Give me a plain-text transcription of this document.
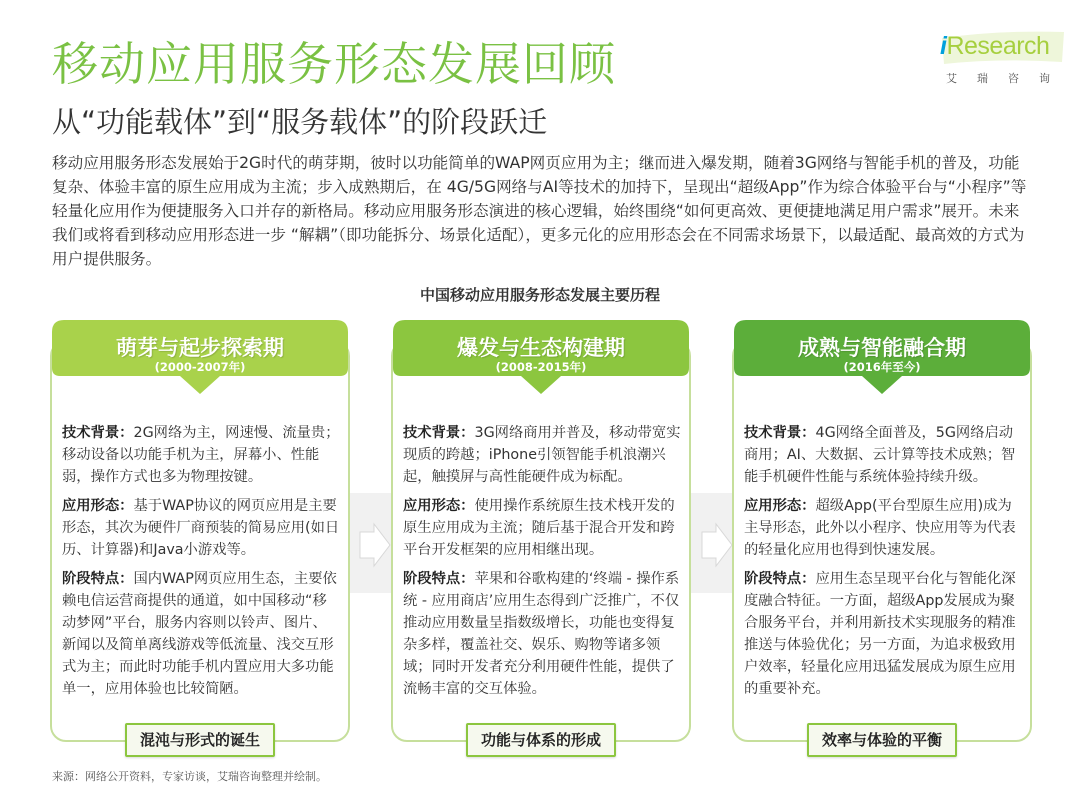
移动应用服务形态发展回顾
从“功能载体”到“服务载体”的阶段跃迁
iResearch
艾瑞咨询

移动应用服务形态发展始于2G时代的萌芽期，彼时以功能简单的WAP网页应用为主；继而进入爆发期，随着3G网络与智能手机的普及，功能复杂、体验丰富的原生应用成为主流；步入成熟期后，在 4G/5G网络与AI等技术的加持下，呈现出“超级App”作为综合体验平台与“小程序”等轻量化应用作为便捷服务入口并存的新格局。移动应用服务形态演进的核心逻辑，始终围绕“如何更高效、更便捷地满足用户需求”展开。未来我们或将看到移动应用形态进一步 “解耦”（即功能拆分、场景化适配），更多元化的应用形态会在不同需求场景下，以最适配、最高效的方式为用户提供服务。

中国移动应用服务形态发展主要历程
萌芽与起步探索期
(2000-2007年)

技术背景：2G网络为主，网速慢、流量贵；移动设备以功能手机为主，屏幕小、性能弱，操作方式也多为物理按键。

应用形态：基于WAP协议的网页应用是主要形态，其次为硬件厂商预装的简易应用(如日历、计算器)和Java小游戏等。

阶段特点：国内WAP网页应用生态，主要依赖电信运营商提供的通道，如中国移动“移动梦网”平台，服务内容则以铃声、图片、新闻以及简单离线游戏等低流量、浅交互形式为主；而此时功能手机内置应用大多功能单一，应用体验也比较简陋。

混沌与形式的诞生
爆发与生态构建期
(2008-2015年)

技术背景：3G网络商用并普及，移动带宽实现质的跨越；iPhone引领智能手机浪潮兴起，触摸屏与高性能硬件成为标配。

应用形态：使用操作系统原生技术栈开发的原生应用成为主流；随后基于混合开发和跨平台开发框架的应用相继出现。

阶段特点：苹果和谷歌构建的‘终端 - 操作系统 - 应用商店’应用生态得到广泛推广，不仅推动应用数量呈指数级增长，功能也变得复杂多样，覆盖社交、娱乐、购物等诸多领域；同时开发者充分利用硬件性能，提供了流畅丰富的交互体验。

功能与体系的形成
成熟与智能融合期
(2016年至今)

技术背景：4G网络全面普及，5G网络启动商用；AI、大数据、云计算等技术成熟；智能手机硬件性能与系统体验持续升级。

应用形态：超级App(平台型原生应用)成为主导形态，此外以小程序、快应用等为代表的轻量化应用也得到快速发展。

阶段特点：应用生态呈现平台化与智能化深度融合特征。一方面，超级App发展成为聚合服务平台，并利用新技术实现服务的精准推送与体验优化；另一方面，为追求极致用户效率，轻量化应用迅猛发展成为原生应用的重要补充。

效率与体验的平衡
来源：网络公开资料，专家访谈，艾瑞咨询整理并绘制。
